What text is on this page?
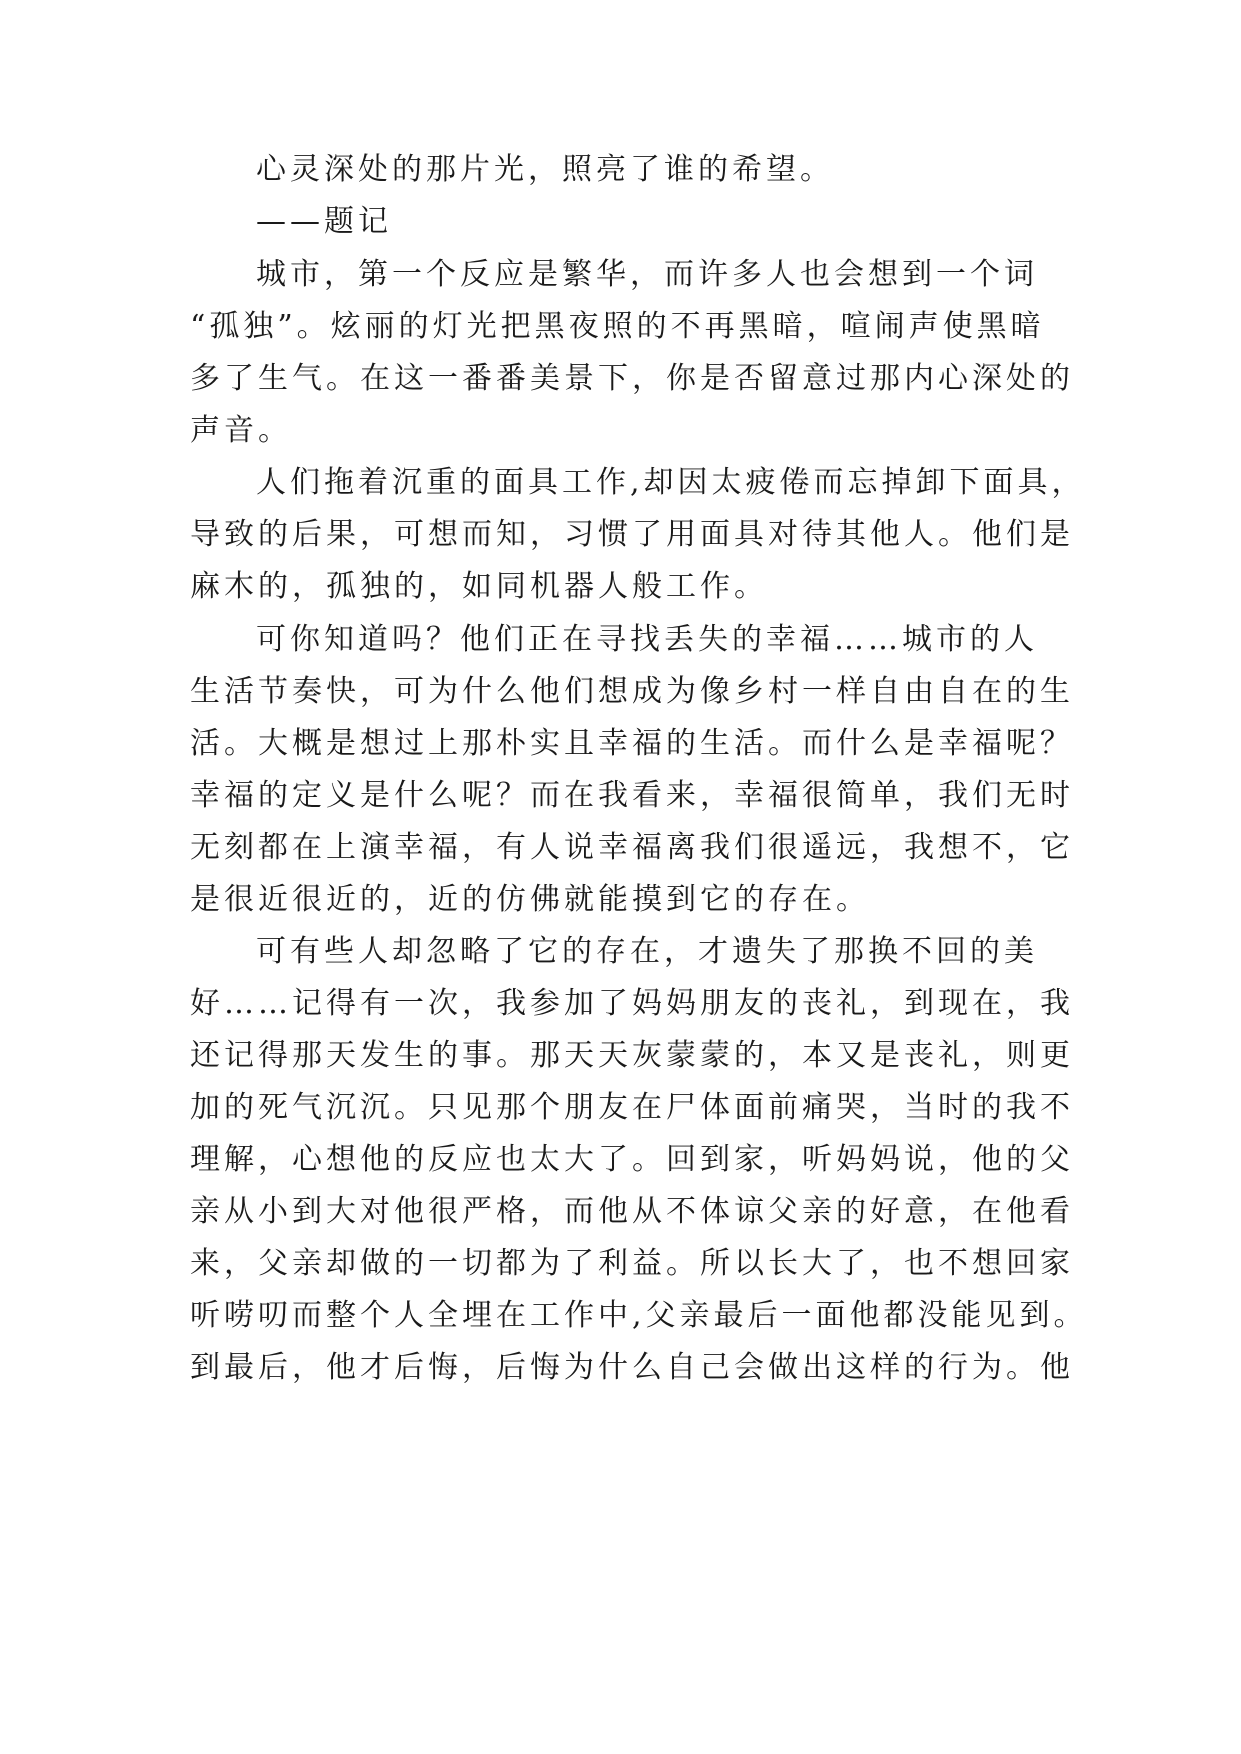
心灵深处的那片光，照亮了谁的希望。
——题记
城市，第一个反应是繁华，而许多人也会想到一个词
“孤独”。炫丽的灯光把黑夜照的不再黑暗，喧闹声使黑暗
多了生气。在这一番番美景下，你是否留意过那内心深处的
声音。
人们拖着沉重的面具工作,却因太疲倦而忘掉卸下面具，
导致的后果，可想而知，习惯了用面具对待其他人。他们是
麻木的，孤独的，如同机器人般工作。
可你知道吗？他们正在寻找丢失的幸福……城市的人
生活节奏快，可为什么他们想成为像乡村一样自由自在的生
活。大概是想过上那朴实且幸福的生活。而什么是幸福呢？
幸福的定义是什么呢？而在我看来，幸福很简单，我们无时
无刻都在上演幸福，有人说幸福离我们很遥远，我想不，它
是很近很近的，近的仿佛就能摸到它的存在。
可有些人却忽略了它的存在，才遗失了那换不回的美
好……记得有一次，我参加了妈妈朋友的丧礼，到现在，我
还记得那天发生的事。那天天灰蒙蒙的，本又是丧礼，则更
加的死气沉沉。只见那个朋友在尸体面前痛哭，当时的我不
理解，心想他的反应也太大了。回到家，听妈妈说，他的父
亲从小到大对他很严格，而他从不体谅父亲的好意，在他看
来，父亲却做的一切都为了利益。所以长大了，也不想回家
听唠叨而整个人全埋在工作中,父亲最后一面他都没能见到。
到最后，他才后悔，后悔为什么自己会做出这样的行为。他
